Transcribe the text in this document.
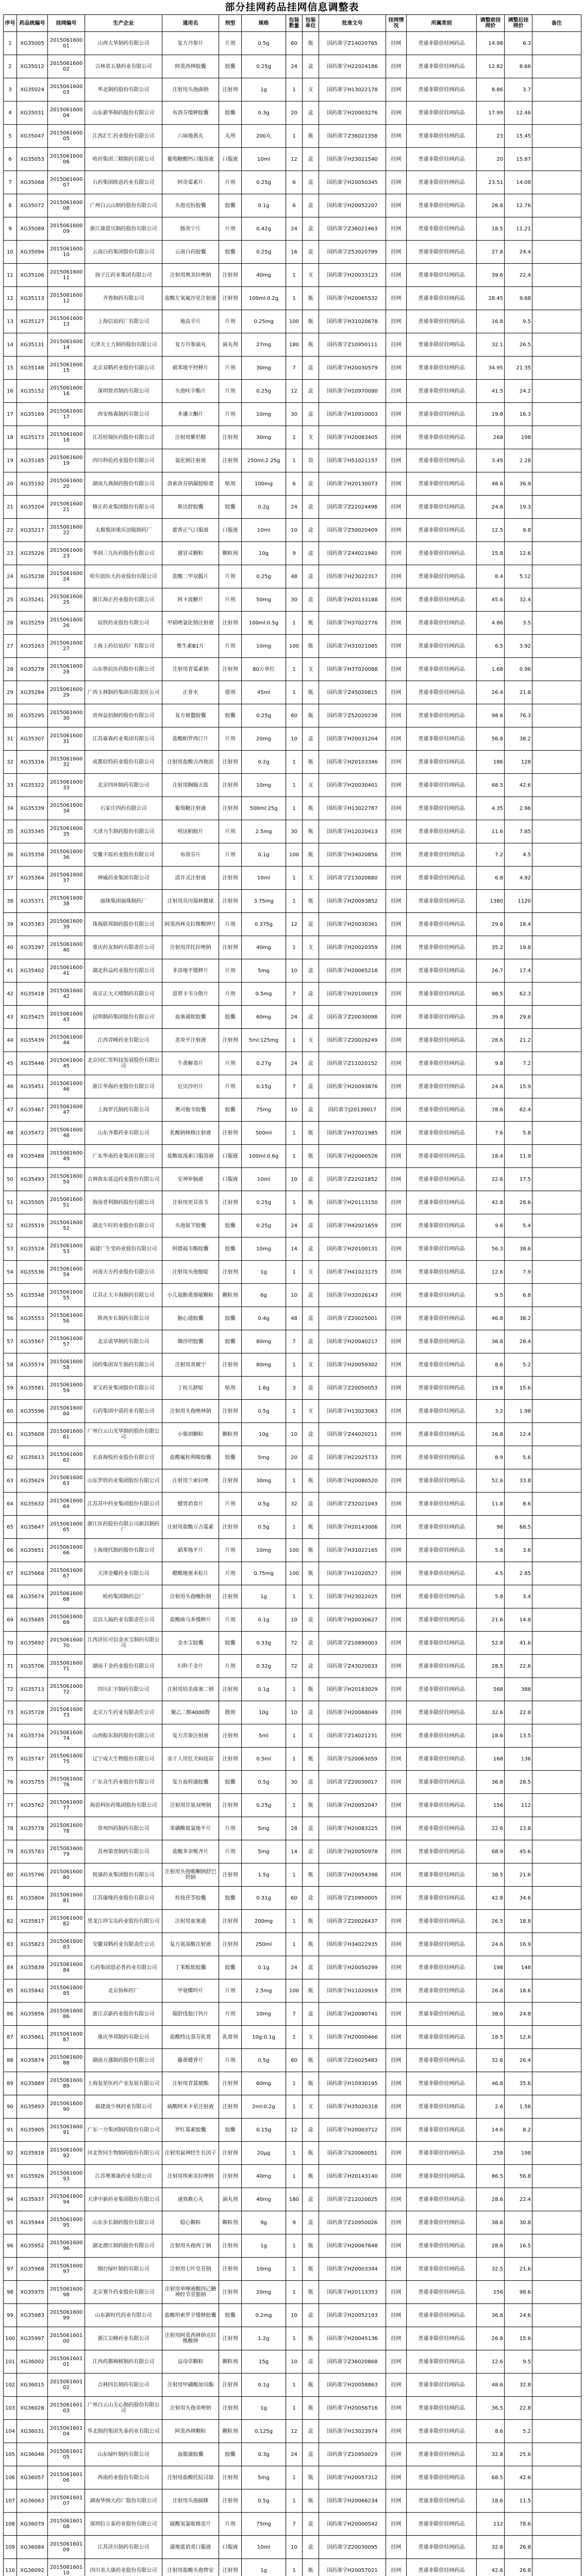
部分挂网药品挂网信息调整表
序号	药品统编号	挂网编号	生产企业	通用名	剂型	规格	包装数量	包装单位	批准文号	挂网情况	所属类别	调整前挂网价	调整后挂网价	备注
1	XG35005	201506160001	山西大华制药有限公司	复方丹参片	片剂	0.5g	60	瓶	国药准字Z14020765	挂网	普通非限价挂网药品	14.98	6.3	
2	XG35012	201506160002	吉林省五鼎药业有限公司	阿莫西林胶囊	胶囊	0.25g	24	盒	国药准字H22024186	挂网	普通非限价挂网药品	12.82	8.66	
3	XG35024	201506160003	华北制药股份有限公司	注射用头孢曲钠	注射剂	1g	1	支	国药准字H13022178	挂网	普通非限价挂网药品	8.86	3.7	
4	XG35031	201506160004	山东新华制药股份有限公司	布洛芬缓释胶囊	胶囊	0.3g	20	盒	国药准字H20003276	挂网	普通非限价挂网药品	17.99	12.46	
5	XG35047	201506160005	江西汇仁药业股份有限公司	六味地黄丸	丸剂	200丸	1	瓶	国药准字Z36021358	挂网	普通非限价挂网药品	23	15.45	
6	XG35053	201506160006	哈药集团三精制药有限公司	葡萄糖酸钙口服溶液	口服液	10ml	12	盒	国药准字H23021540	挂网	普通非限价挂网药品	20	15.87	
7	XG35068	201506160007	石药集团欧意药业有限公司	阿奇霉素片	片剂	0.25g	6	盒	国药准字H20050345	挂网	普通非限价挂网药品	23.51	14.08	
8	XG35072	201506160008	广州白云山制药股份有限公司	头孢克肟胶囊	胶囊	0.1g	6	盒	国药准字H20052207	挂网	普通非限价挂网药品	26.8	12.76	
9	XG35089	201506160009	浙江康恩贝制药股份有限公司	肠炎宁片	片剂	0.42g	24	盒	国药准字Z36021463	挂网	普通非限价挂网药品	18.5	11.21	
10	XG35094	201506160010	云南白药集团股份有限公司	云南白药胶囊	胶囊	0.25g	16	盒	国药准字Z53020799	挂网	普通非限价挂网药品	27.8	24.4	
11	XG35106	201506160011	扬子江药业集团有限公司	注射用奥美拉唑钠	注射剂	40mg	1	支	国药准字H20033123	挂网	普通非限价挂网药品	39.6	22.4	
12	XG35113	201506160012	齐鲁制药有限公司	盐酸左氧氟沙星注射液	注射剂	100ml:0.2g	1	瓶	国药准字H20065532	挂网	普通非限价挂网药品	28.45	9.68	
13	XG35127	201506160013	上海信谊药厂有限公司	地高辛片	片剂	0.25mg	100	瓶	国药准字H31020678	挂网	普通非限价挂网药品	16.8	9.5	
14	XG35131	201506160014	天津天士力制药股份有限公司	复方丹参滴丸	滴丸剂	27mg	180	瓶	国药准字Z10950111	挂网	普通非限价挂网药品	32.1	26.5	
15	XG35148	201506160015	北京双鹤药业股份有限公司	硝苯地平控释片	片剂	30mg	7	盒	国药准字H20030579	挂网	普通非限价挂网药品	34.95	21.35	
16	XG35152	201506160016	深圳致君制药有限公司	头孢呋辛酯片	片剂	0.25g	12	盒	国药准字H10970090	挂网	普通非限价挂网药品	41.5	24.2	
17	XG35169	201506160017	西安杨森制药有限公司	多潘立酮片	片剂	10mg	30	盒	国药准字H10910003	挂网	普通非限价挂网药品	19.8	16.3	
18	XG35173	201506160018	江苏恒瑞医药股份有限公司	注射用紫杉醇	注射剂	30mg	1	支	国药准字H20083405	挂网	普通非限价挂网药品	268	198	
19	XG35185	201506160019	四川科伦药业股份有限公司	氯化钠注射液	注射剂	250ml:2.25g	1	袋	国药准字H51021157	挂网	普通非限价挂网药品	3.45	2.28	
20	XG35192	201506160020	湖南九典制药股份有限公司	洛索洛芬钠凝胶贴膏	贴剂	100mg	6	盒	国药准字H20130073	挂网	普通非限价挂网药品	48.6	36.9	
21	XG35204	201506160021	修正药业集团股份有限公司	斯达舒胶囊	胶囊	0.2g	24	盒	国药准字Z22024498	挂网	普通非限价挂网药品	24.8	19.3	
22	XG35217	201506160022	太极集团重庆涪陵制药厂	藿香正气口服液	口服液	10ml	10	盒	国药准字Z50020409	挂网	普通非限价挂网药品	12.5	9.8	
23	XG35226	201506160023	华润三九医药股份有限公司	感冒灵颗粒	颗粒剂	10g	9	盒	国药准字Z44021940	挂网	普通非限价挂网药品	15.8	12.6	
24	XG35238	201506160024	哈尔滨医大药业股份有限公司	盐酸二甲双胍片	片剂	0.25g	48	盒	国药准字H23022317	挂网	普通非限价挂网药品	8.4	5.12	
25	XG35241	201506160025	浙江海正药业股份有限公司	阿卡波糖片	片剂	50mg	30	盒	国药准字H20133188	挂网	普通非限价挂网药品	45.6	32.4	
26	XG35259	201506160026	辰欣药业股份有限公司	甲硝唑氯化钠注射液	注射剂	100ml:0.5g	1	瓶	国药准字H37022776	挂网	普通非限价挂网药品	4.86	3.5	
27	XG35263	201506160027	上海上药信谊药厂有限公司	维生素B1片	片剂	10mg	100	瓶	国药准字H31021085	挂网	普通非限价挂网药品	6.5	3.92	
28	XG35278	201506160028	山东鲁抗医药股份有限公司	注射用青霉素钠	注射剂	80万单位	1	支	国药准字H37020088	挂网	普通非限价挂网药品	1.68	0.96	
29	XG35284	201506160029	广西玉林制药集团有限责任公司	正骨水	搽剂	45ml	1	瓶	国药准字Z45020815	挂网	普通非限价挂网药品	26.4	21.8	
30	XG35295	201506160030	贵州益佰制药股份有限公司	复方斑蝥胶囊	胶囊	0.25g	60	瓶	国药准字Z52020238	挂网	普通非限价挂网药品	98.6	76.3	
31	XG35307	201506160031	江苏豪森药业集团有限公司	盐酸帕罗西汀片	片剂	20mg	10	盒	国药准字H20031204	挂网	普通非限价挂网药品	56.8	38.2	
32	XG35316	201506160032	成都倍特药业股份有限公司	注射用盐酸吉西他滨	注射剂	0.2g	1	瓶	国药准字H20103346	挂网	普通非限价挂网药品	186	128	
33	XG35322	201506160033	北京四环制药有限公司	注射用胸腺五肽	注射剂	10mg	1	支	国药准字H20030401	挂网	普通非限价挂网药品	68.5	42.6	
34	XG35339	201506160034	石家庄四药有限公司	葡萄糖注射液	注射剂	500ml:25g	1	瓶	国药准字H13022787	挂网	普通非限价挂网药品	4.35	2.96	
35	XG35345	201506160035	天津力生制药股份有限公司	吲达帕胺片	片剂	2.5mg	30	瓶	国药准字H12020413	挂网	普通非限价挂网药品	11.6	7.85	
36	XG35358	201506160036	安徽丰原药业股份有限公司	布洛芬片	片剂	0.1g	100	瓶	国药准字H34020856	挂网	普通非限价挂网药品	7.2	4.5	
37	XG35364	201506160037	神威药业集团有限公司	清开灵注射液	注射剂	10ml	1	支	国药准字Z13020880	挂网	普通非限价挂网药品	6.8	4.92	
38	XG35371	201506160038	丽珠集团丽珠制药厂	注射用亮丙瑞林微球	注射剂	3.75mg	1	瓶	国药准字H20093852	挂网	普通非限价挂网药品	1380	1120	
39	XG35383	201506160039	珠海联邦制药股份有限公司	阿莫西林克拉维酸钾片	片剂	0.375g	12	盒	国药准字H20030361	挂网	普通非限价挂网药品	29.6	18.4	
40	XG35397	201506160040	重庆药友制药有限责任公司	注射用泮托拉唑钠	注射剂	40mg	1	支	国药准字H20020359	挂网	普通非限价挂网药品	35.2	19.8	
41	XG35402	201506160041	湖北科益药业股份有限公司	非洛地平缓释片	片剂	5mg	10	盒	国药准字H20065218	挂网	普通非限价挂网药品	26.7	17.4	
42	XG35418	201506160042	南京正大天晴制药有限公司	恩替卡韦分散片	片剂	0.5mg	7	盒	国药准字H20100019	挂网	普通非限价挂网药品	98.5	62.3	
43	XG35425	201506160043	昆明制药集团股份有限公司	血塞通软胶囊	胶囊	60mg	24	盒	国药准字Z20030098	挂网	普通非限价挂网药品	39.8	29.6	
44	XG35439	201506160044	江西青峰药业有限公司	喜炎平注射液	注射剂	5ml:125mg	1	支	国药准字Z20026249	挂网	普通非限价挂网药品	28.6	21.2	
45	XG35446	201506160045	北京同仁堂科技发展股份有限公司	牛黄解毒片	片剂	0.27g	24	盒	国药准字Z11020152	挂网	普通非限价挂网药品	9.8	7.2	
46	XG35451	201506160046	浙江华海药业股份有限公司	厄贝沙坦片	片剂	0.15g	7	盒	国药准字H20093876	挂网	普通非限价挂网药品	24.6	15.9	
47	XG35467	201506160047	上海罗氏制药有限公司	奥司他韦胶囊	胶囊	75mg	10	盒	国药准字J20130017	挂网	普通非限价挂网药品	78.6	62.4	
48	XG35472	201506160048	山东齐都药业有限公司	乳酸钠林格注射液	注射剂	500ml	1	瓶	国药准字H37021985	挂网	普通非限价挂网药品	7.6	5.8	
49	XG35488	201506160049	广东华南药业集团有限公司	盐酸氨溴索口服溶液	口服液	100ml:0.6g	1	瓶	国药准字H20060526	挂网	普通非限价挂网药品	18.4	11.9	
50	XG35493	201506160050	吉林敖东延边药业股份有限公司	安神补脑液	口服液	10ml	10	盒	国药准字Z22021852	挂网	普通非限价挂网药品	22.6	17.5	
51	XG35505	201506160051	海南普利制药股份有限公司	注射用更昔洛韦	注射剂	0.25g	1	瓶	国药准字H20113150	挂网	普通非限价挂网药品	42.8	28.6	
52	XG35519	201506160052	湖北午时药业股份有限公司	头孢氨苄胶囊	胶囊	0.25g	24	盒	国药准字H42021659	挂网	普通非限价挂网药品	9.6	5.4	
53	XG35524	201506160053	福建广生堂药业股份有限公司	阿德福韦酯胶囊	胶囊	10mg	14	盒	国药准字H20100131	挂网	普通非限价挂网药品	56.3	38.6	
54	XG35536	201506160054	河南天方药业股份有限公司	注射用头孢他啶	注射剂	1g	1	支	国药准字H41023175	挂网	普通非限价挂网药品	12.6	7.9	
55	XG35548	201506160055	江苏正大丰海制药有限公司	小儿氨酚黄那敏颗粒	颗粒剂	6g	10	盒	国药准字H32026143	挂网	普通非限价挂网药品	9.5	6.8	
56	XG35553	201506160056	陕西步长制药有限公司	脑心通胶囊	胶囊	0.4g	48	盒	国药准字Z20025001	挂网	普通非限价挂网药品	46.8	38.2	
57	XG35567	201506160057	北京诺华制药有限公司	缬沙坦胶囊	胶囊	80mg	7	盒	国药准字H20040217	挂网	普通非限价挂网药品	36.8	28.4	
58	XG35574	201506160058	国药集团容生制药有限公司	注射用炎琥宁	注射剂	80mg	1	支	国药准字H20059302	挂网	普通非限价挂网药品	8.6	5.2	
59	XG35581	201506160059	亚宝药业集团股份有限公司	丁桂儿脐贴	贴剂	1.6g	3	盒	国药准字Z20050053	挂网	普通非限价挂网药品	19.8	15.6	
60	XG35596	201506160060	石药集团中诺药业有限公司	注射用头孢唑林钠	注射剂	0.5g	1	支	国药准字H13023063	挂网	普通非限价挂网药品	3.2	1.98	
61	XG35608	201506160061	广州白云山光华制药股份有限公司	小柴胡颗粒	颗粒剂	10g	10	盒	国药准字Z44020211	挂网	普通非限价挂网药品	16.8	12.4	
62	XG35613	201506160062	长春海悦药业股份有限公司	盐酸氟桂利嗪胶囊	胶囊	5mg	20	盒	国药准字H22025733	挂网	普通非限价挂网药品	8.9	5.6	
63	XG35629	201506160063	山东罗欣药业集团股份有限公司	注射用兰索拉唑	注射剂	30mg	1	瓶	国药准字H20080520	挂网	普通非限价挂网药品	52.6	33.8	
64	XG35632	201506160064	江苏苏中药业集团股份有限公司	健胃消食片	片剂	0.5g	32	盒	国药准字Z32021043	挂网	普通非限价挂网药品	11.8	8.6	
65	XG35647	201506160065	浙江医药股份有限公司新昌制药厂	注射用盐酸万古霉素	注射剂	0.5g	1	瓶	国药准字H20143006	挂网	普通非限价挂网药品	98	68.5	
66	XG35651	201506160066	上海现代制药股份有限公司	硝苯地平片	片剂	10mg	100	瓶	国药准字H31022165	挂网	普通非限价挂网药品	5.8	3.6	
67	XG35668	201506160067	天津金耀药业有限公司	醋酸地塞米松片	片剂	0.75mg	100	瓶	国药准字H12020527	挂网	普通非限价挂网药品	4.5	2.85	
68	XG35674	201506160068	哈药集团制药总厂	注射用头孢噻肟钠	注射剂	1g	1	支	国药准字H23022025	挂网	普通非限价挂网药品	5.8	3.4	
69	XG35685	201506160069	宜昌人福药业有限责任公司	盐酸曲马多缓释片	片剂	0.1g	10	盒	国药准字H20030627	挂网	普通非限价挂网药品	21.6	14.8	
70	XG35692	201506160070	江西济民可信金水宝制药有限公司	金水宝胶囊	胶囊	0.33g	72	盒	国药准字Z10890003	挂网	普通非限价挂网药品	52.8	41.6	
71	XG35706	201506160071	湖南千金药业股份有限公司	妇科千金片	片剂	0.32g	72	盒	国药准字Z43020033	挂网	普通非限价挂网药品	28.5	22.6	
72	XG35713	201506160072	四川汇宇制药有限公司	注射用培美曲塞二钠	注射剂	0.1g	1	瓶	国药准字H20183029	挂网	普通非限价挂网药品	568	388	
73	XG35728	201506160073	北京万生药业有限责任公司	聚乙二醇4000散	散剂	10g	10	盒	国药准字H20068049	挂网	普通非限价挂网药品	32.6	22.8	
74	XG35734	201506160074	山西振东制药股份有限公司	复方苦参注射液	注射剂	5ml	1	支	国药准字Z14021231	挂网	普通非限价挂网药品	18.6	13.5	
75	XG35747	201506160075	辽宁成大生物股份有限公司	冻干人用狂犬病疫苗	注射剂	0.5ml	1	瓶	国药准字S20063059	挂网	普通非限价挂网药品	168	136	
76	XG35755	201506160076	广东众生药业股份有限公司	复方血栓通胶囊	胶囊	0.5g	30	盒	国药准字Z20030017	挂网	普通非限价挂网药品	36.8	28.5	
77	XG35762	201506160077	海思科医药集团股份有限公司	注射用甘氨双唑钠	注射剂	0.25g	1	瓶	国药准字H20052047	挂网	普通非限价挂网药品	156	112	
78	XG35778	201506160078	常州四药制药有限公司	苯磺酸氨氯地平片	片剂	5mg	28	盒	国药准字H20083225	挂网	普通非限价挂网药品	22.6	13.8	
79	XG35783	201506160079	苏州第壹制药有限公司	盐酸多奈哌齐片	片剂	5mg	14	盒	国药准字H20050978	挂网	普通非限价挂网药品	68.9	45.6	
80	XG35796	201506160080	悦康药业集团股份有限公司	注射用头孢哌酮钠舒巴坦钠	注射剂	1.5g	1	瓶	国药准字H20054398	挂网	普通非限价挂网药品	38.5	21.6	
81	XG35804	201506160081	江苏康缘药业股份有限公司	桂枝茯苓胶囊	胶囊	0.31g	60	盒	国药准字Z10950005	挂网	普通非限价挂网药品	42.8	34.6	
82	XG35817	201506160082	黑龙江珍宝岛药业股份有限公司	注射用血塞通	注射剂	200mg	1	瓶	国药准字Z20026437	挂网	普通非限价挂网药品	26.5	18.8	
83	XG35823	201506160083	安徽双鹤药业有限责任公司	复方氨基酸注射液	注射剂	250ml	1	瓶	国药准字H34022935	挂网	普通非限价挂网药品	24.6	16.9	
84	XG35839	201506160084	石药集团恩必普药业有限公司	丁苯酞软胶囊	胶囊	0.1g	24	盒	国药准字H20050299	挂网	普通非限价挂网药品	198	148	
85	XG35842	201506160085	北京协和药厂	甲氨蝶呤片	片剂	2.5mg	100	瓶	国药准字H11020919	挂网	普通非限价挂网药品	26.8	18.6	
86	XG35856	201506160086	浙江京新药业股份有限公司	瑞舒伐他汀钙片	片剂	10mg	7	盒	国药准字H20080741	挂网	普通非限价挂网药品	38.6	24.8	
87	XG35861	201506160087	重庆华邦制药有限公司	盐酸特比萘芬乳膏	乳膏剂	10g:0.1g	1	支	国药准字H20000466	挂网	普通非限价挂网药品	18.5	12.6	
88	XG35874	201506160088	湖南方盛制药股份有限公司	藤黄健骨片	片剂	0.5g	60	瓶	国药准字Z20025483	挂网	普通非限价挂网药品	32.6	26.4	
89	XG35889	201506160089	上海复星医药产业发展有限公司	注射用青蒿琥酯	注射剂	60mg	1	瓶	国药准字H10930195	挂网	普通非限价挂网药品	46.8	35.6	
90	XG35893	201506160090	福建南少林药业有限公司	硫酸阿米卡星注射液	注射剂	2ml:0.2g	1	支	国药准字H35020318	挂网	普通非限价挂网药品	2.6	1.56	
91	XG35905	201506160091	广东一力集团制药股份有限公司	罗红霉素胶囊	胶囊	0.15g	12	盒	国药准字H20003712	挂网	普通非限价挂网药品	14.6	8.2	
92	XG35918	201506160092	河北智同生物制药股份有限公司	注射用鼠神经生长因子	注射剂	20μg	1	瓶	国药准字S20060051	挂网	普通非限价挂网药品	258	198	
93	XG35926	201506160093	江苏奥赛康药业有限公司	注射用埃索美拉唑钠	注射剂	40mg	1	瓶	国药准字H20143140	挂网	普通非限价挂网药品	86.5	56.8	
94	XG35937	201506160094	天津中新药业集团股份有限公司	速效救心丸	滴丸剂	40mg	180	盒	国药准字Z12020025	挂网	普通非限价挂网药品	28.6	22.4	
95	XG35944	201506160095	山东步长制药股份有限公司	稳心颗粒	颗粒剂	9g	9	盒	国药准字Z10950026	挂网	普通非限价挂网药品	38.6	30.8	
96	XG35952	201506160096	湖北潜江制药股份有限公司	注射用头孢西丁钠	注射剂	1g	1	瓶	国药准字H20067648	挂网	普通非限价挂网药品	28.6	16.5	
97	XG35968	201506160097	烟台绿叶制药有限公司	注射用七叶皂苷钠	注射剂	10mg	1	瓶	国药准字H20003344	挂网	普通非限价挂网药品	32.5	21.6	
98	XG35975	201506160098	北京赛升药业股份有限公司	注射用单唾液酸四己糖神经节苷脂钠	注射剂	20mg	1	瓶	国药准字H20113353	挂网	普通非限价挂网药品	156	98.6	
99	XG35983	201506160099	山东新时代药业有限公司	盐酸坦索罗辛缓释胶囊	胶囊	0.2mg	10	盒	国药准字H20052193	挂网	普通非限价挂网药品	36.8	24.6	
100	XG35997	201506160100	浙江尖峰药业有限公司	注射用阿莫西林钠克拉维酸钾	注射剂	1.2g	1	瓶	国药准字H20045136	挂网	普通非限价挂网药品	26.8	15.6	
101	XG36002	201506160101	江西药都樟树制药有限公司	益母草颗粒	颗粒剂	15g	10	盒	国药准字Z36020868	挂网	普通非限价挂网药品	12.6	9.5	
102	XG36015	201506160102	吉林四长制药有限公司	注射用甲磺酸加贝酯	注射剂	0.1g	1	瓶	国药准字H20058863	挂网	普通非限价挂网药品	48.6	32.8	
103	XG36028	201506160103	广州白云山天心制药股份有限公司	注射用头孢美唑钠	注射剂	1g	1	瓶	国药准字H20056716	挂网	普通非限价挂网药品	36.5	22.8	
104	XG36031	201506160104	华北制药集团先泰药业有限公司	阿莫西林颗粒	颗粒剂	0.125g	12	盒	国药准字H13023974	挂网	普通非限价挂网药品	8.6	5.2	
105	XG36046	201506160105	山东绿叶制药有限公司	血脂康胶囊	胶囊	0.3g	24	盒	国药准字Z10950029	挂网	普通非限价挂网药品	32.8	25.6	
106	XG36057	201506160106	西南药业股份有限公司	注射用盐酸托烷司琼	注射剂	5mg	1	瓶	国药准字H20057312	挂网	普通非限价挂网药品	68.5	42.6	
107	XG36063	201506160107	湖南华纳大药厂股份有限公司	注射用头孢硫脒	注射剂	0.5g	1	瓶	国药准字H20066234	挂网	普通非限价挂网药品	18.6	11.5	
108	XG36079	201506160108	深圳信立泰药业股份有限公司	硫酸氢氯吡格雷片	片剂	75mg	7	盒	国药准字H20000542	挂网	普通非限价挂网药品	112	78.6	
109	XG36084	201506160109	江苏济川制药有限公司	蒲地蓝消炎口服液	口服液	10ml	10	盒	国药准字Z20030095	挂网	普通非限价挂网药品	32.6	26.8	
110	XG36092	201506160110	四川美大康药业股份有限公司	注射用盐酸头孢替安	注射剂	1g	1	瓶	国药准字H20057021	挂网	普通非限价挂网药品	42.6	26.8	
